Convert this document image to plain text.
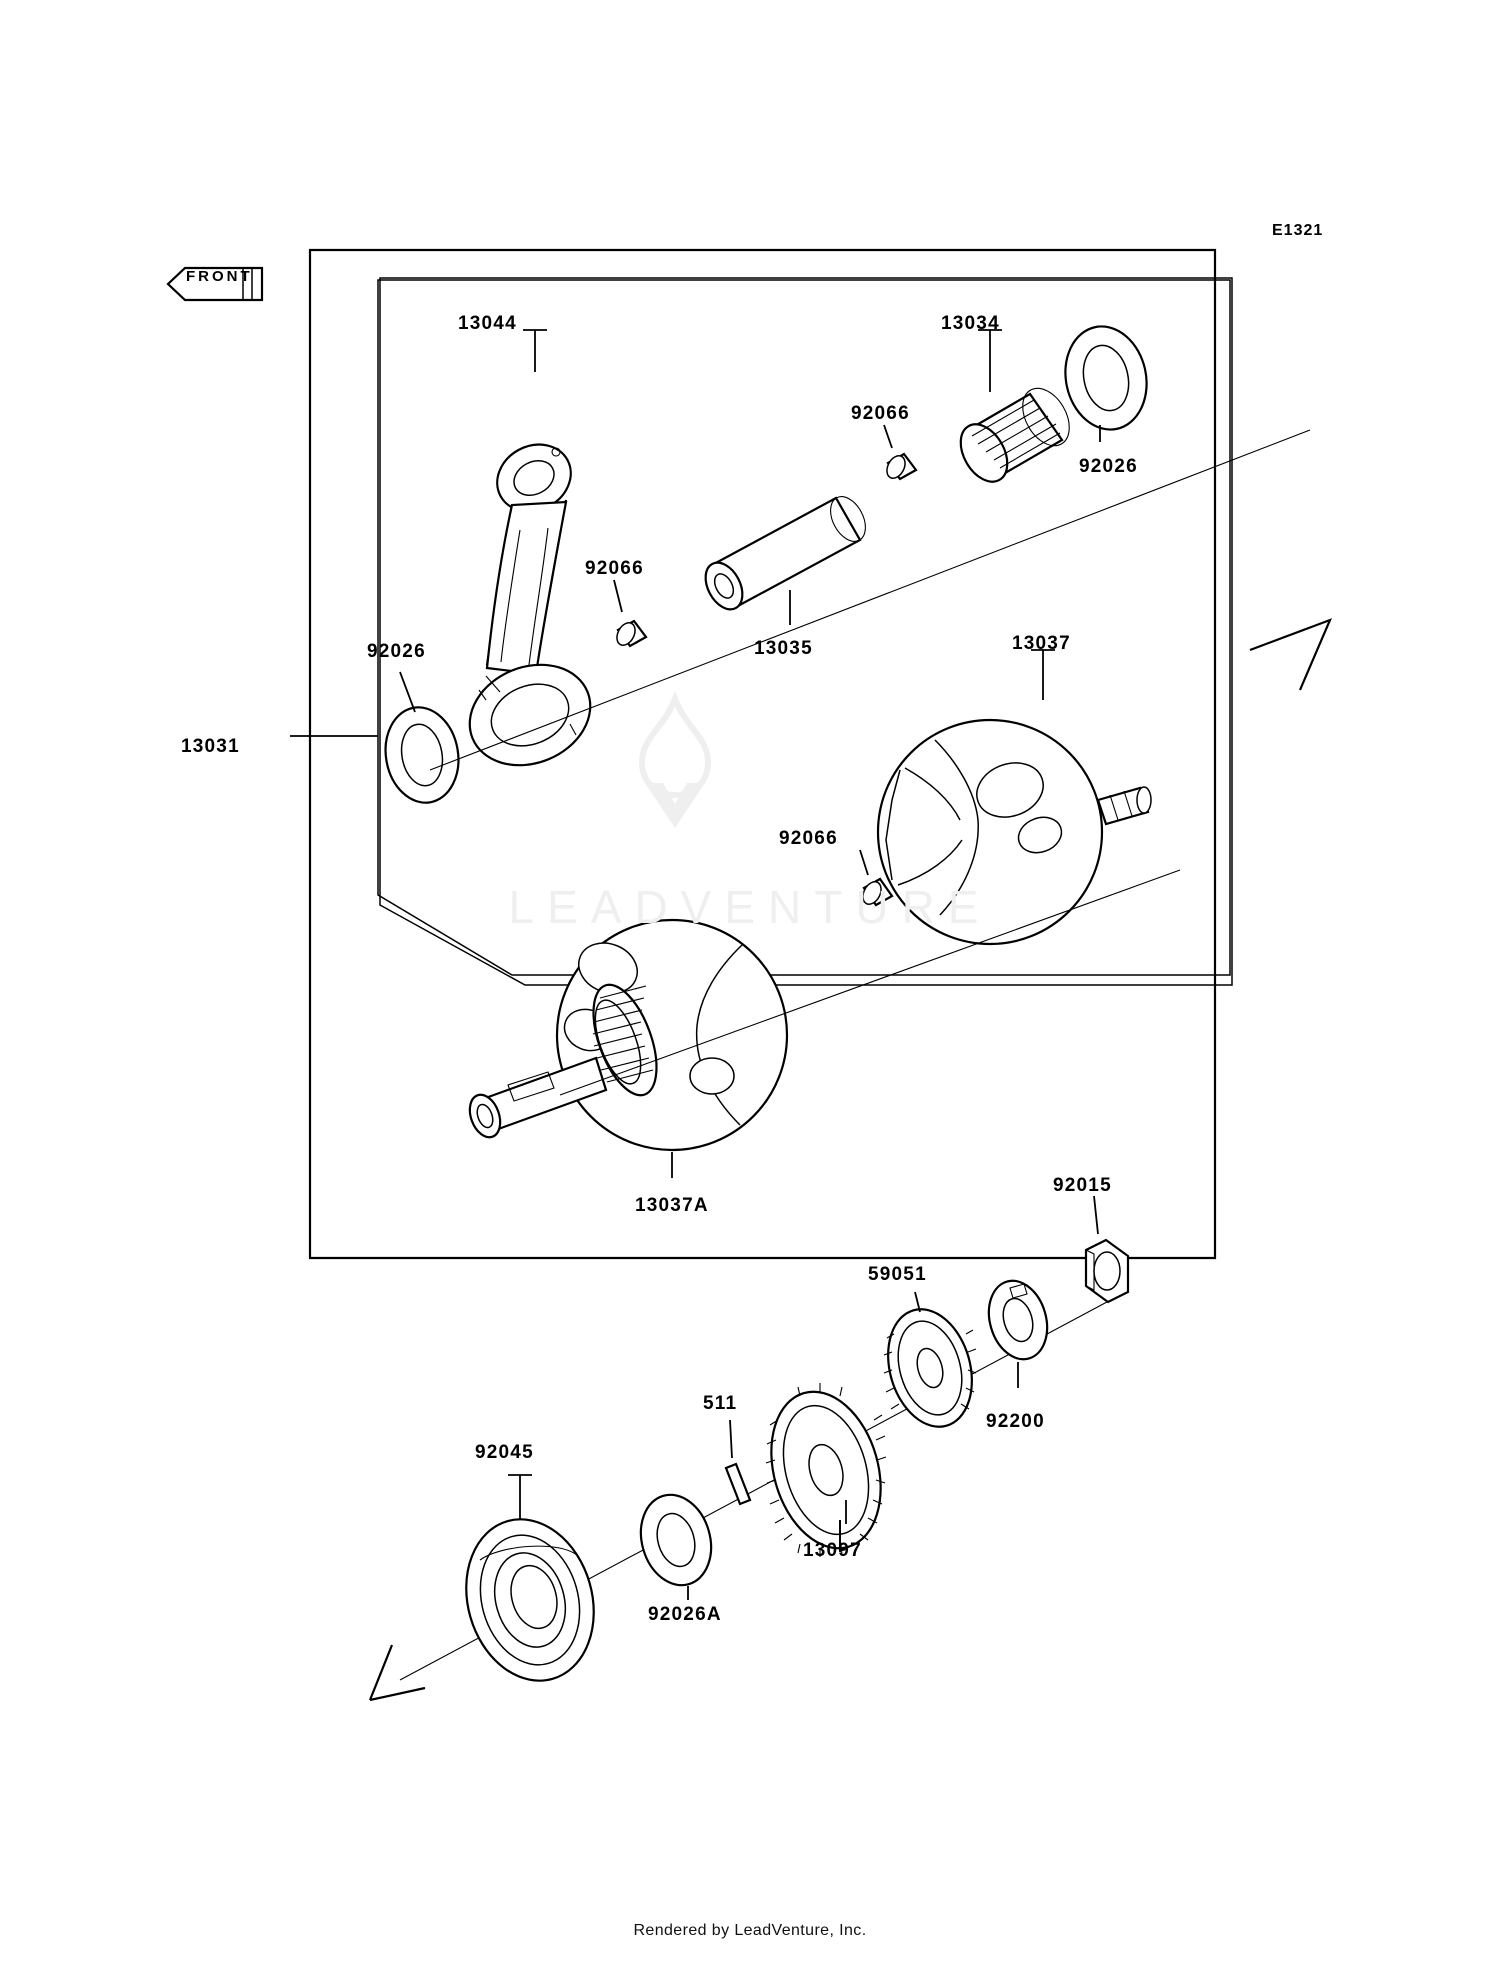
FRONT
E1321
LEADVENTURE
13044	13034
92066
92026
92066
13035	13037
92026
13031
92066
13037A
92015
59051
92200
511
92045
13097
92026A
Rendered by LeadVenture, Inc.
